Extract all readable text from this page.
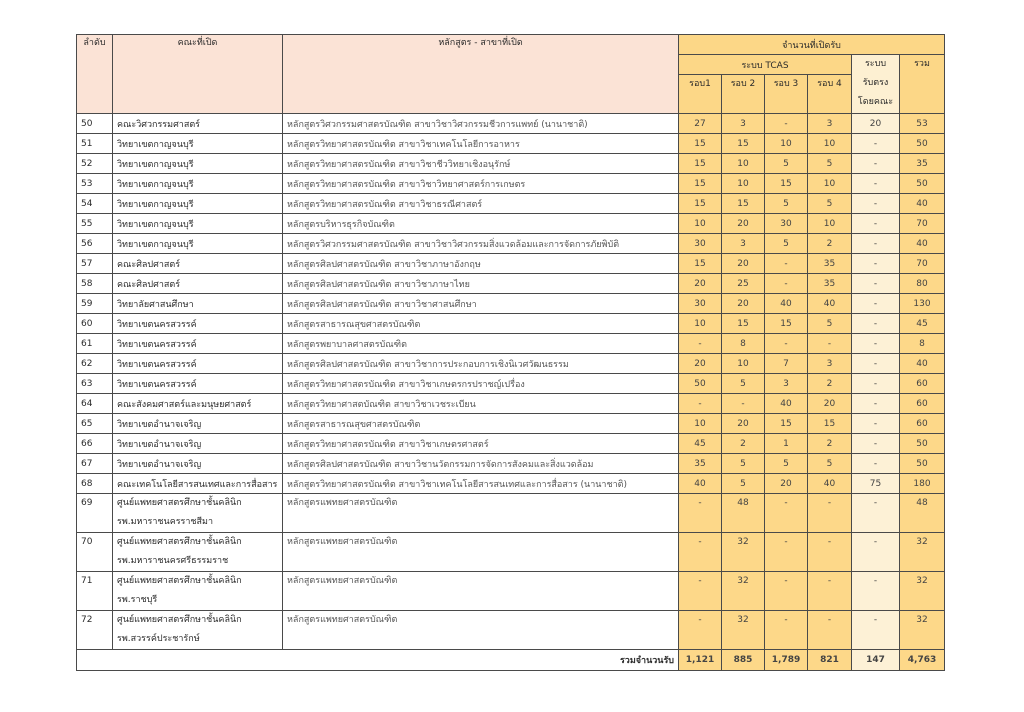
ลำดับ	คณะที่เปิด	หลักสูตร - สาขาที่เปิด	จำนวนที่เปิดรับ					
			ระบบ TCAS				ระบบ
รับตรง
โดยคณะ	รวม
			รอบ1	รอบ 2	รอบ 3	รอบ 4		
50	คณะวิศวกรรมศาสตร์	หลักสูตรวิศวกรรมศาสตรบัณฑิต สาขาวิชาวิศวกรรมชีวการแพทย์ (นานาชาติ)	27	3	-	3	20	53
51	วิทยาเขตกาญจนบุรี	หลักสูตรวิทยาศาสตรบัณฑิต สาขาวิชาเทคโนโลยีการอาหาร	15	15	10	10	-	50
52	วิทยาเขตกาญจนบุรี	หลักสูตรวิทยาศาสตรบัณฑิต สาขาวิชาชีววิทยาเชิงอนุรักษ์	15	10	5	5	-	35
53	วิทยาเขตกาญจนบุรี	หลักสูตรวิทยาศาสตรบัณฑิต สาขาวิชาวิทยาศาสตร์การเกษตร	15	10	15	10	-	50
54	วิทยาเขตกาญจนบุรี	หลักสูตรวิทยาศาสตรบัณฑิต สาขาวิชาธรณีศาสตร์	15	15	5	5	-	40
55	วิทยาเขตกาญจนบุรี	หลักสูตรบริหารธุรกิจบัณฑิต	10	20	30	10	-	70
56	วิทยาเขตกาญจนบุรี	หลักสูตรวิศวกรรมศาสตรบัณฑิต สาขาวิชาวิศวกรรมสิ่งแวดล้อมและการจัดการภัยพิบัติ	30	3	5	2	-	40
57	คณะศิลปศาสตร์	หลักสูตรศิลปศาสตรบัณฑิต สาขาวิชาภาษาอังกฤษ	15	20	-	35	-	70
58	คณะศิลปศาสตร์	หลักสูตรศิลปศาสตรบัณฑิต สาขาวิชาภาษาไทย	20	25	-	35	-	80
59	วิทยาลัยศาสนศึกษา	หลักสูตรศิลปศาสตรบัณฑิต สาขาวิชาศาสนศึกษา	30	20	40	40	-	130
60	วิทยาเขตนครสวรรค์	หลักสูตรสาธารณสุขศาสตรบัณฑิต	10	15	15	5	-	45
61	วิทยาเขตนครสวรรค์	หลักสูตรพยาบาลศาสตรบัณฑิต	-	8	-	-	-	8
62	วิทยาเขตนครสวรรค์	หลักสูตรศิลปศาสตรบัณฑิต สาขาวิชาการประกอบการเชิงนิเวศวัฒนธรรม	20	10	7	3	-	40
63	วิทยาเขตนครสวรรค์	หลักสูตรวิทยาศาสตรบัณฑิต สาขาวิชาเกษตรกรปราชญ์เปรื่อง	50	5	3	2	-	60
64	คณะสังคมศาสตร์และมนุษยศาสตร์	หลักสูตรวิทยาศาสตบัณฑิต สาขาวิชาเวชระเบียน	-	-	40	20	-	60
65	วิทยาเขตอำนาจเจริญ	หลักสูตรสาธารณสุขศาสตรบัณฑิต	10	20	15	15	-	60
66	วิทยาเขตอำนาจเจริญ	หลักสูตรวิทยาศาสตรบัณฑิต สาขาวิชาเกษตรศาสตร์	45	2	1	2	-	50
67	วิทยาเขตอำนาจเจริญ	หลักสูตรศิลปศาสตรบัณฑิต สาขาวิชานวัตกรรมการจัดการสังคมและสิ่งแวดล้อม	35	5	5	5	-	50
68	คณะเทคโนโลยีสารสนเทศและการสื่อสาร	หลักสูตรวิทยาศาสตรบัณฑิต สาขาวิชาเทคโนโลยีสารสนเทศและการสื่อสาร (นานาชาติ)	40	5	20	40	75	180
69	ศูนย์แพทยศาสตรศึกษาชั้นคลินิก
รพ.มหาราชนครราชสีมา	หลักสูตรแพทยศาสตรบัณฑิต	-	48	-	-	-	48
70	ศูนย์แพทยศาสตรศึกษาชั้นคลินิก
รพ.มหาราชนครศรีธรรมราช	หลักสูตรแพทยศาสตรบัณฑิต	-	32	-	-	-	32
71	ศูนย์แพทยศาสตรศึกษาชั้นคลินิก
รพ.ราชบุรี	หลักสูตรแพทยศาสตรบัณฑิต	-	32	-	-	-	32
72	ศูนย์แพทยศาสตรศึกษาชั้นคลินิก
รพ.สวรรค์ประชารักษ์	หลักสูตรแพทยศาสตรบัณฑิต	-	32	-	-	-	32
รวมจำนวนรับ			1,121	885	1,789	821	147	4,763
